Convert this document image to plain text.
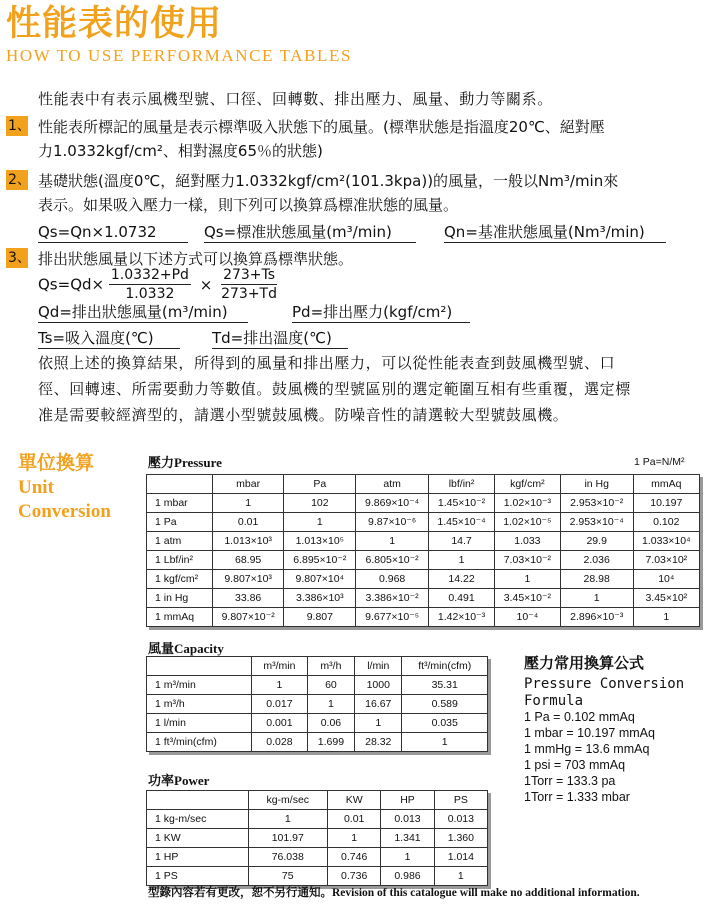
性能表的使用
HOW TO USE PERFORMANCE TABLES
性能表中有表示風機型號、口徑、回轉數、排出壓力、風量、動力等關系。
1、 性能表所標記的風量是表示標準吸入狀態下的風量。(標準狀態是指溫度20℃、絕對壓
力1.0332kgf/cm²、相對濕度65％的狀態)
2、 基礎狀態(溫度0℃，絕對壓力1.0332kgf/cm²(101.3kpa))的風量，一般以Nm³/min來
表示。如果吸入壓力一樣，則下列可以換算爲標准狀態的風量。
Qs=Qn×1.0732	Qs=標准狀態風量(m³/min)	Qn=基准狀態風量(Nm³/min)
3、 排出狀態風量以下述方式可以換算爲標準狀態。
$Qs=Qd\times \frac{1.0332+Pd}{1.0332} \times \frac{273+Ts}{273+Td}$
Qd=排出狀態風量(m³/min)	Pd=排出壓力(kgf/cm²)
Ts=吸入溫度(℃)	Td=排出溫度(℃)
依照上述的換算結果，所得到的風量和排出壓力，可以從性能表查到鼓風機型號、口
徑、回轉速、所需要動力等數值。鼓風機的型號區別的選定範圍互相有些重覆，選定標
准是需要較經濟型的，請選小型號鼓風機。防噪音性的請選較大型號鼓風機。
單位換算
Unit
Conversion
壓力Pressure	1 Pa=N/M²
	mbar	Pa	atm	lbf/in²	kgf/cm²	in Hg	mmAq
1 mbar	1	102	9.869×10⁻⁴	1.45×10⁻²	1.02×10⁻³	2.953×10⁻²	10.197
1 Pa	0.01	1	9.87×10⁻⁶	1.45×10⁻⁴	1.02×10⁻⁵	2.953×10⁻⁴	0.102
1 atm	1.013×10³	1.013×10⁵	1	14.7	1.033	29.9	1.033×10⁴
1 Lbf/in²	68.95	6.895×10⁻²	6.805×10⁻²	1	7.03×10⁻²	2.036	7.03×10²
1 kgf/cm²	9.807×10³	9.807×10⁴	0.968	14.22	1	28.98	10⁴
1 in Hg	33.86	3.386×10³	3.386×10⁻²	0.491	3.45×10⁻²	1	3.45×10²
1 mmAq	9.807×10⁻²	9.807	9.677×10⁻⁵	1.42×10⁻³	10⁻⁴	2.896×10⁻³	1
風量Capacity
	m³/min	m³/h	l/min	ft³/min(cfm)
1 m³/min	1	60	1000	35.31
1 m³/h	0.017	1	16.67	0.589
1 l/min	0.001	0.06	1	0.035
1 ft³/min(cfm)	0.028	1.699	28.32	1
功率Power
	kg-m/sec	KW	HP	PS
1 kg-m/sec	1	0.01	0.013	0.013
1 KW	101.97	1	1.341	1.360
1 HP	76.038	0.746	1	1.014
1 PS	75	0.736	0.986	1
壓力常用換算公式
Pressure Conversion
Formula
1 Pa = 0.102 mmAq
1 mbar = 10.197 mmAq
1 mmHg = 13.6 mmAq
1 psi = 703 mmAq
1Torr = 133.3 pa
1Torr = 1.333 mbar
型錄內容若有更改，恕不另行通知。Revision of this catalogue will make no additional information.
